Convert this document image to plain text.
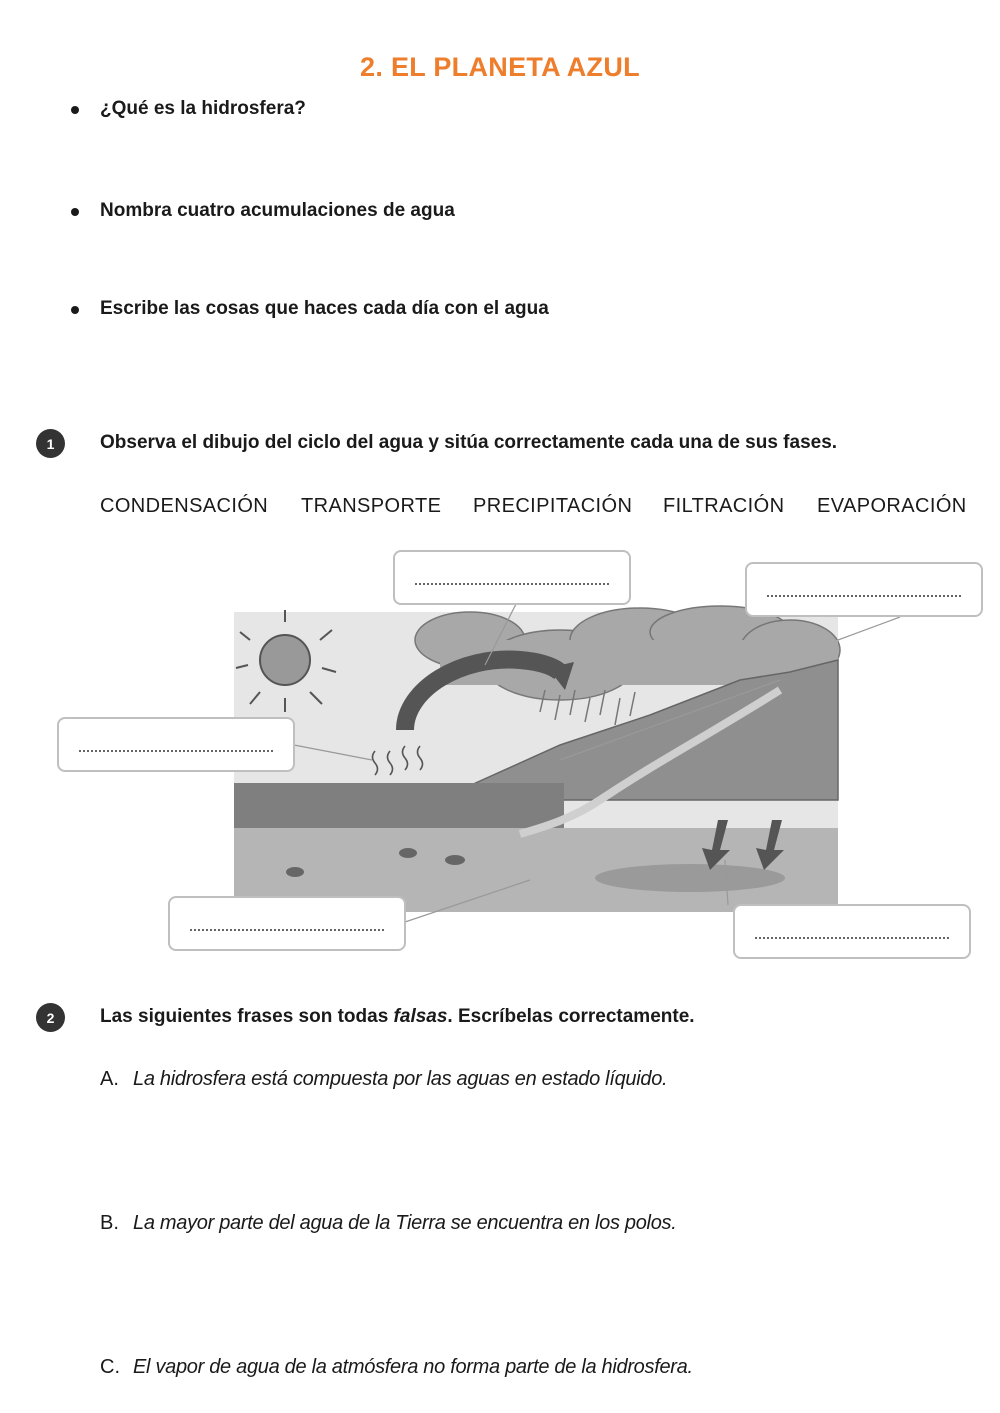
2. EL PLANETA AZUL
¿Qué es la hidrosfera?
Nombra cuatro acumulaciones de agua
Escribe las cosas que haces cada día con el agua
1	Observa el dibujo del ciclo del agua y sitúa correctamente cada una de sus fases.
CONDENSACIÓN TRANSPORTE PRECIPITACIÓN FILTRACIÓN EVAPORACIÓN
2	Las siguientes frases son todas falsas. Escríbelas correctamente.
A. La hidrosfera está compuesta por las aguas en estado líquido.
B. La mayor parte del agua de la Tierra se encuentra en los polos.
C. El vapor de agua de la atmósfera no forma parte de la hidrosfera.
